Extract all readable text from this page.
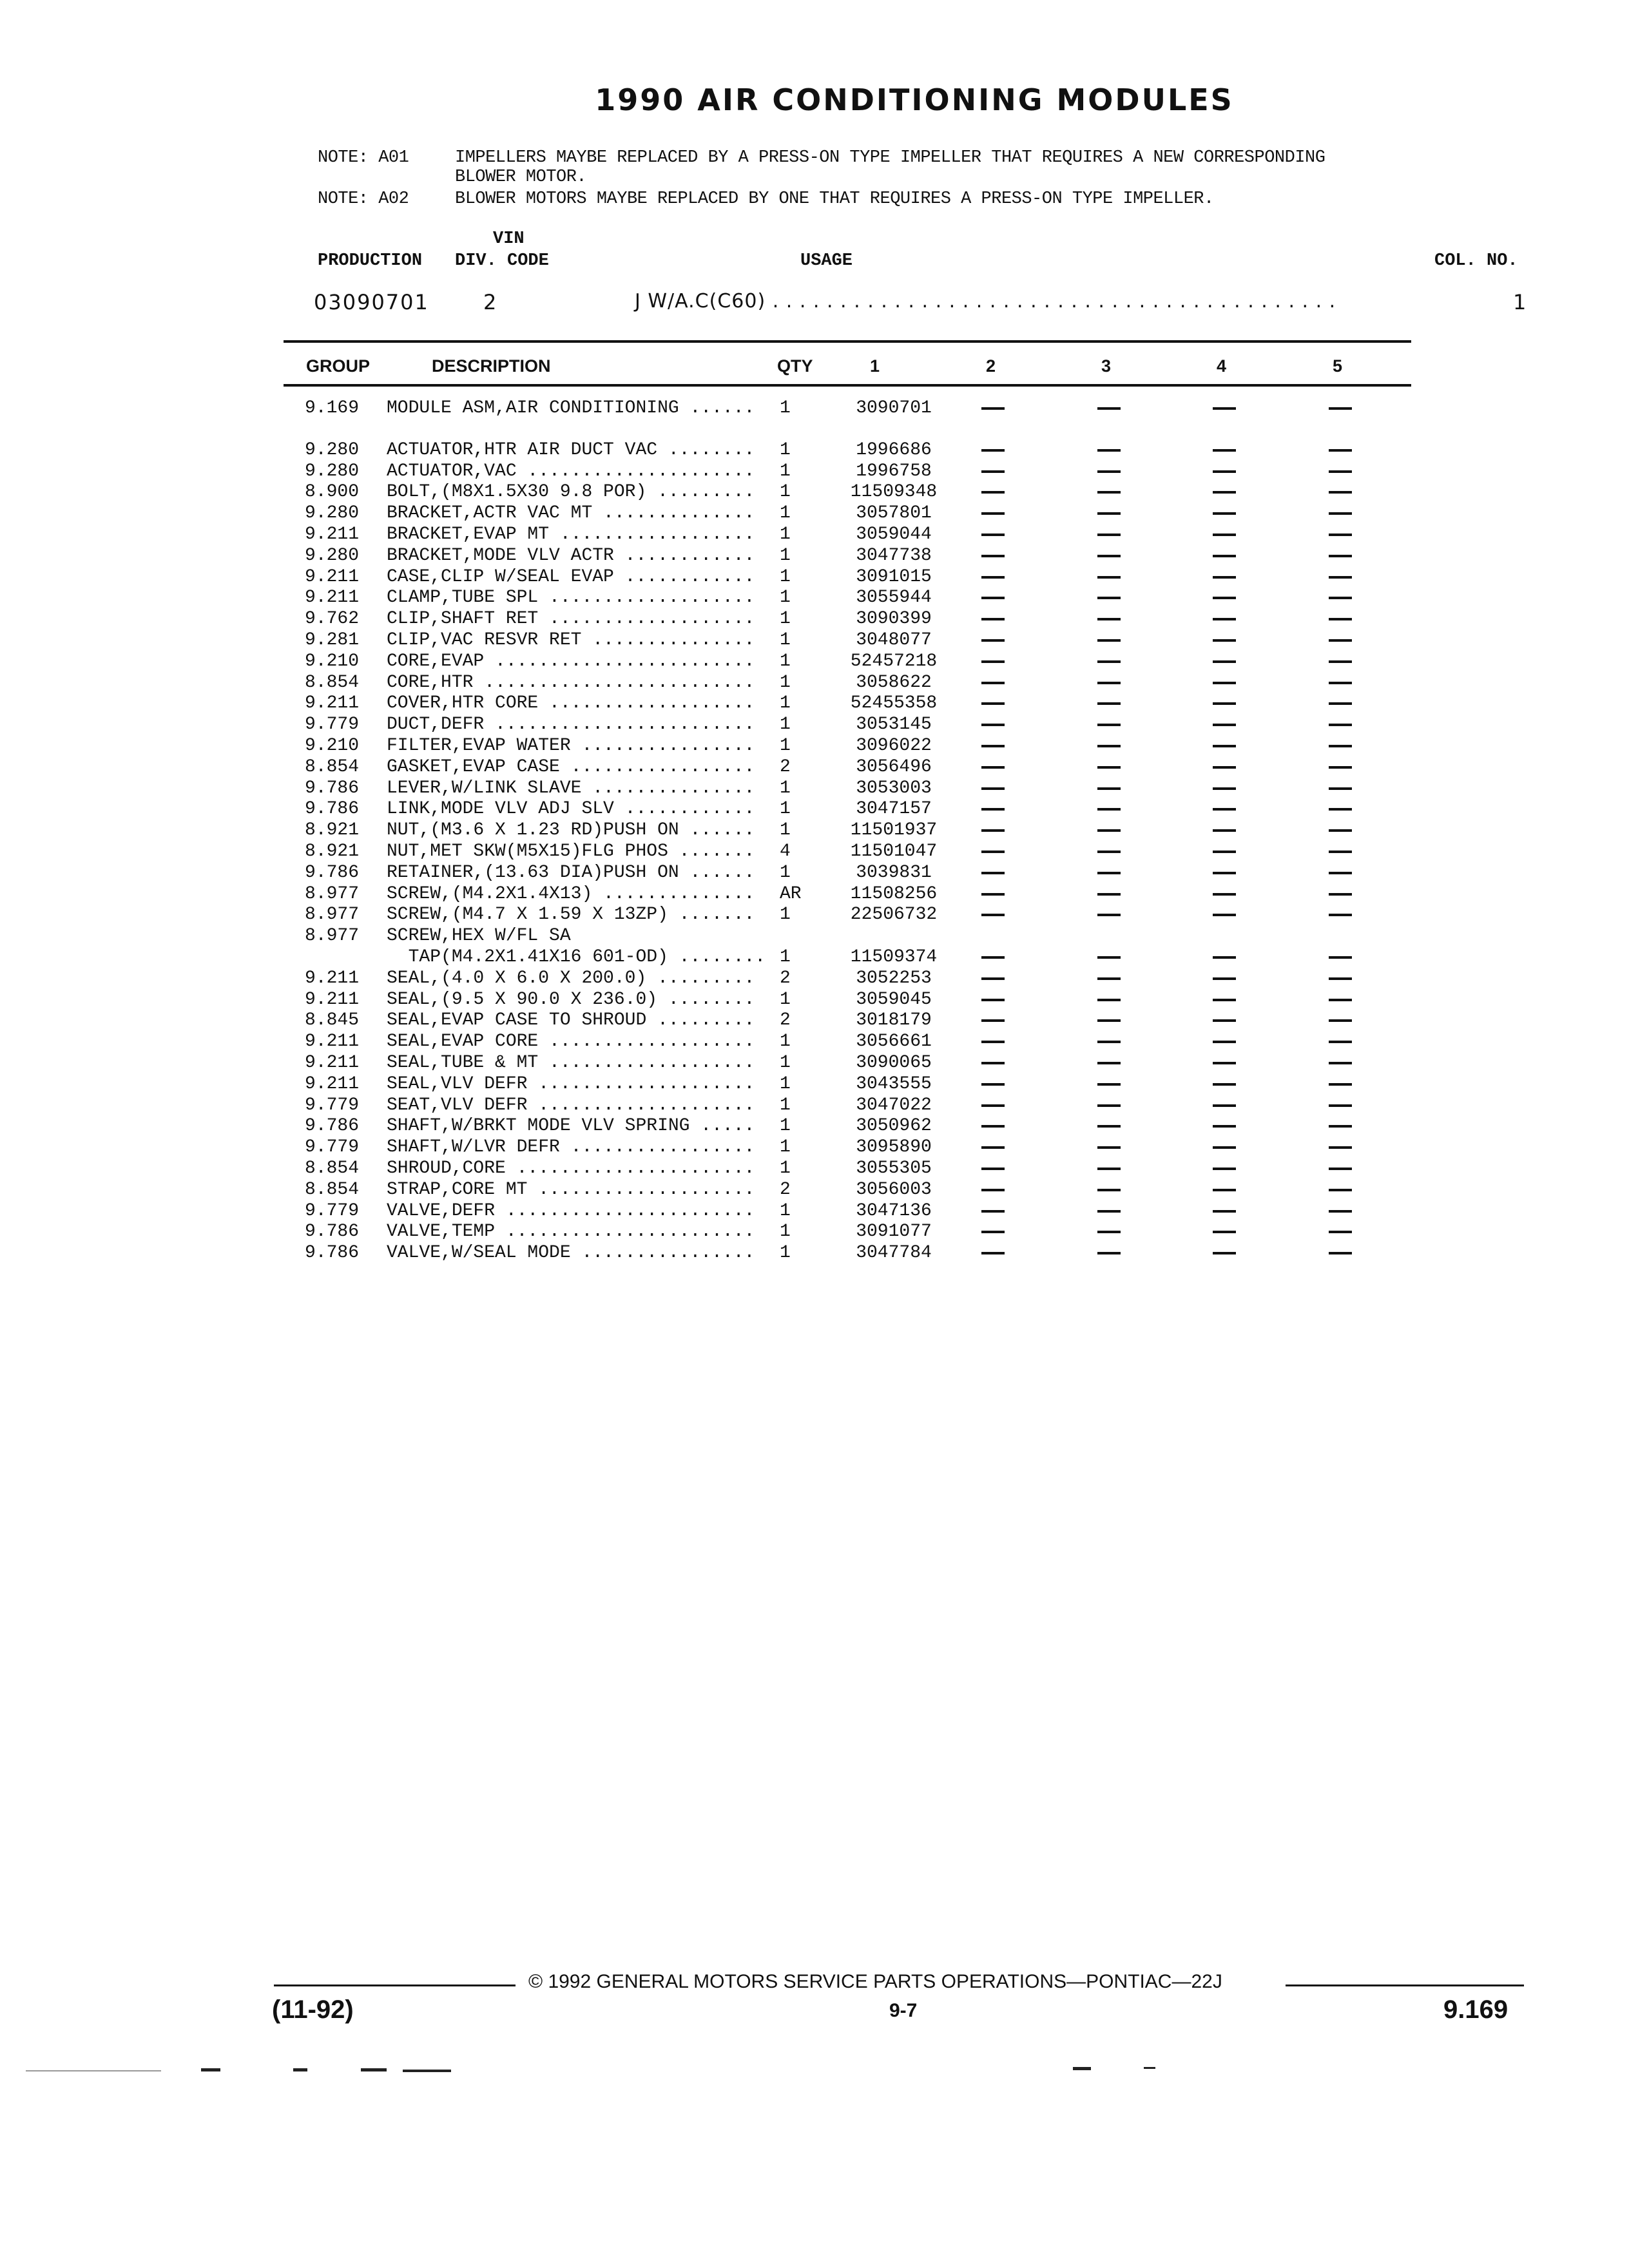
1990 AIR CONDITIONING MODULES
NOTE: A01	IMPELLERS MAYBE REPLACED BY A PRESS-ON TYPE IMPELLER THAT REQUIRES A NEW CORRESPONDING
BLOWER MOTOR.
NOTE: A02	BLOWER MOTORS MAYBE REPLACED BY ONE THAT REQUIRES A PRESS-ON TYPE IMPELLER.
VIN
PRODUCTION DIV. CODE	USAGE	COL. NO.
03090701	2	J W/A.C(C60) . . . . . . . . . . . . . . . . . . . . . . . . . . . . . . . . . . . . . . . . . .	1
GROUP	DESCRIPTION	QTY	1	2	3	4	5
9.169 MODULE ASM,AIR CONDITIONING ...... 1	3090701
9.280 ACTUATOR,HTR AIR DUCT VAC ........ 1	1996686
9.280 ACTUATOR,VAC ..................... 1	1996758
8.900 BOLT,(M8X1.5X30 9.8 POR) ......... 1	11509348
9.280 BRACKET,ACTR VAC MT .............. 1	3057801
9.211 BRACKET,EVAP MT .................. 1	3059044
9.280 BRACKET,MODE VLV ACTR ............ 1	3047738
9.211 CASE,CLIP W/SEAL EVAP ............ 1	3091015
9.211 CLAMP,TUBE SPL ................... 1	3055944
9.762 CLIP,SHAFT RET ................... 1	3090399
9.281 CLIP,VAC RESVR RET ............... 1	3048077
9.210 CORE,EVAP ........................ 1	52457218
8.854 CORE,HTR ......................... 1	3058622
9.211 COVER,HTR CORE ................... 1	52455358
9.779 DUCT,DEFR ........................ 1	3053145
9.210 FILTER,EVAP WATER ................ 1	3096022
8.854 GASKET,EVAP CASE ................. 2	3056496
9.786 LEVER,W/LINK SLAVE ............... 1	3053003
9.786 LINK,MODE VLV ADJ SLV ............ 1	3047157
8.921 NUT,(M3.6 X 1.23 RD)PUSH ON ...... 1	11501937
8.921 NUT,MET SKW(M5X15)FLG PHOS ....... 4	11501047
9.786 RETAINER,(13.63 DIA)PUSH ON ...... 1	3039831
8.977 SCREW,(M4.2X1.4X13) .............. AR	11508256
8.977 SCREW,(M4.7 X 1.59 X 13ZP) ....... 1	22506732
8.977 SCREW,HEX W/FL SA
TAP(M4.2X1.41X16 601-OD) ........ 1	11509374
9.211 SEAL,(4.0 X 6.0 X 200.0) ......... 2	3052253
9.211 SEAL,(9.5 X 90.0 X 236.0) ........ 1	3059045
8.845 SEAL,EVAP CASE TO SHROUD ......... 2	3018179
9.211 SEAL,EVAP CORE ................... 1	3056661
9.211 SEAL,TUBE & MT ................... 1	3090065
9.211 SEAL,VLV DEFR .................... 1	3043555
9.779 SEAT,VLV DEFR .................... 1	3047022
9.786 SHAFT,W/BRKT MODE VLV SPRING ..... 1	3050962
9.779 SHAFT,W/LVR DEFR ................. 1	3095890
8.854 SHROUD,CORE ...................... 1	3055305
8.854 STRAP,CORE MT .................... 2	3056003
9.779 VALVE,DEFR ....................... 1	3047136
9.786 VALVE,TEMP ....................... 1	3091077
9.786 VALVE,W/SEAL MODE ................ 1	3047784
© 1992 GENERAL MOTORS SERVICE PARTS OPERATIONS—PONTIAC—22J
(11-92)	9-7	9.169
